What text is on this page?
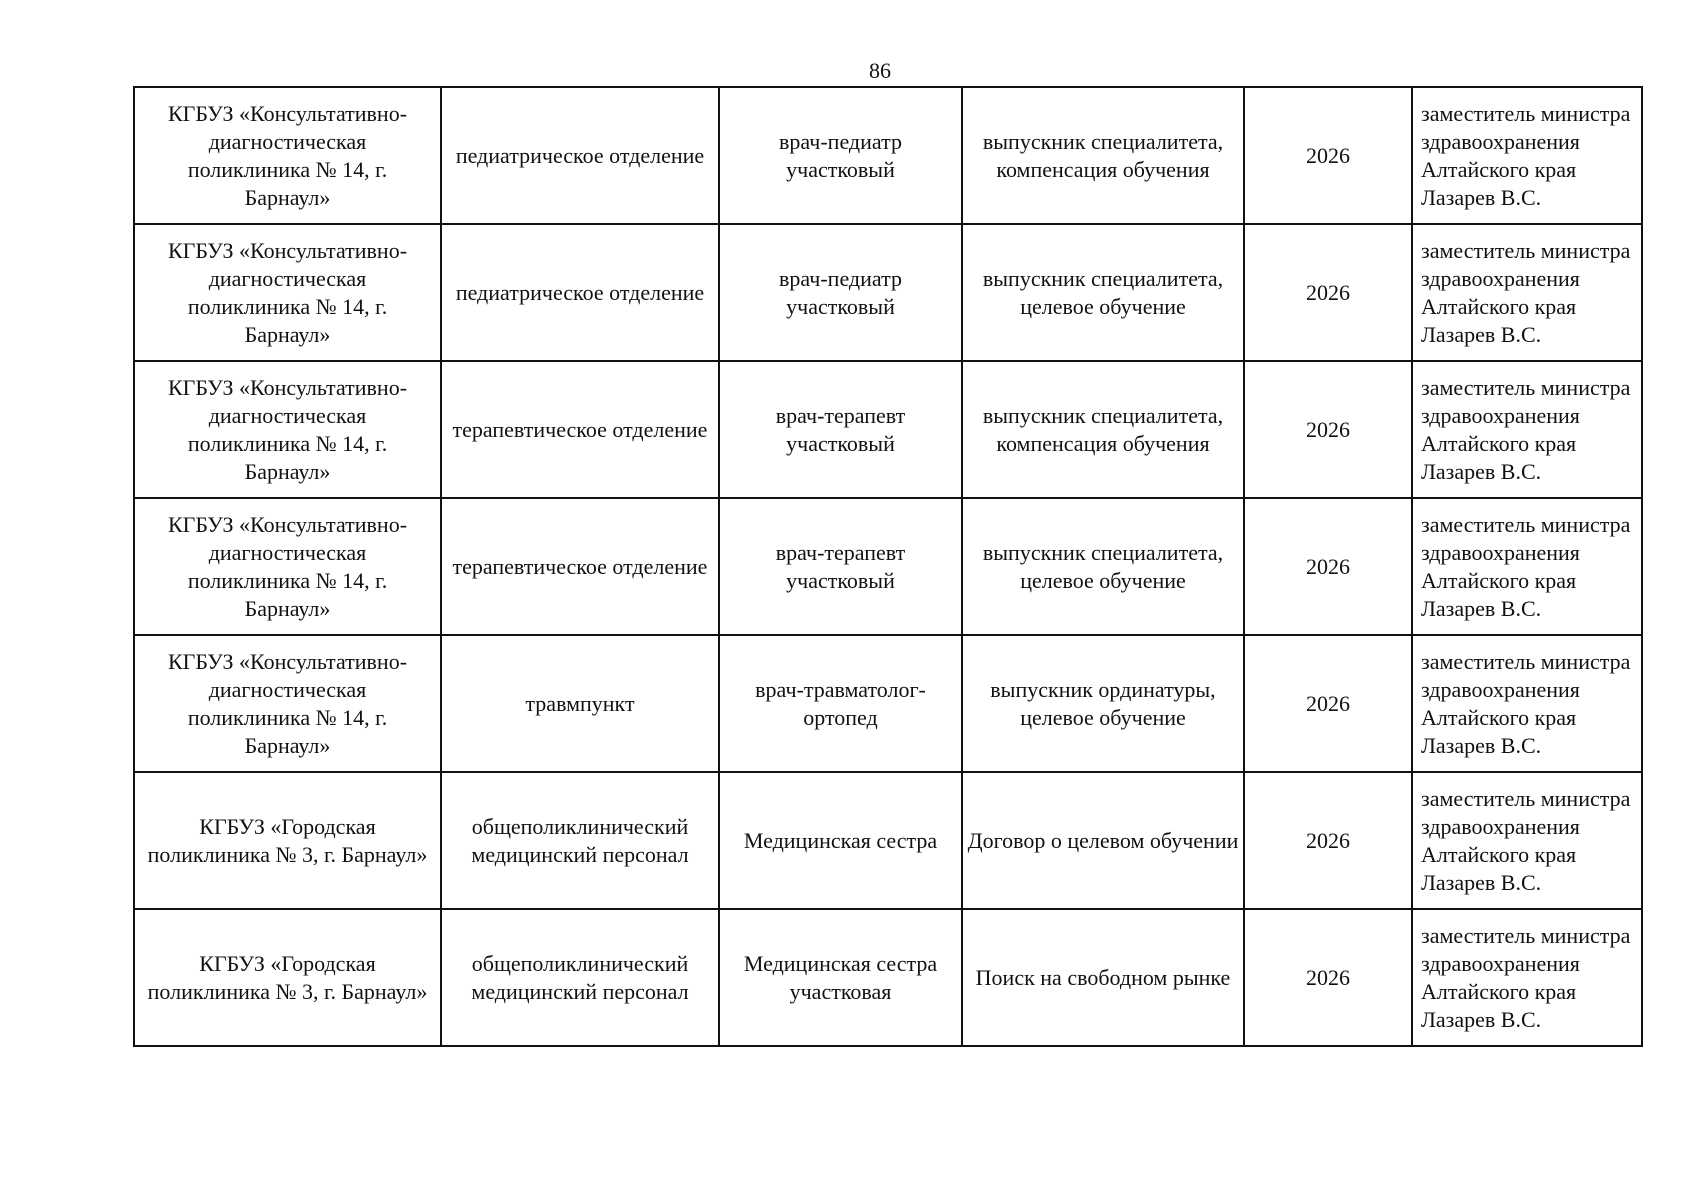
86
КГБУЗ «Консультативно-диагностическая поликлиника № 14, г. Барнаул»	педиатрическое отделение	врач-педиатр участковый	выпускник специалитета, компенсация обучения	2026	заместитель министра здравоохранения Алтайского края Лазарев В.С.
КГБУЗ «Консультативно-диагностическая поликлиника № 14, г. Барнаул»	педиатрическое отделение	врач-педиатр участковый	выпускник специалитета, целевое обучение	2026	заместитель министра здравоохранения Алтайского края Лазарев В.С.
КГБУЗ «Консультативно-диагностическая поликлиника № 14, г. Барнаул»	терапевтическое отделение	врач-терапевт участковый	выпускник специалитета, компенсация обучения	2026	заместитель министра здравоохранения Алтайского края Лазарев В.С.
КГБУЗ «Консультативно-диагностическая поликлиника № 14, г. Барнаул»	терапевтическое отделение	врач-терапевт участковый	выпускник специалитета, целевое обучение	2026	заместитель министра здравоохранения Алтайского края Лазарев В.С.
КГБУЗ «Консультативно-диагностическая поликлиника № 14, г. Барнаул»	травмпункт	врач-травматолог-ортопед	выпускник ординатуры, целевое обучение	2026	заместитель министра здравоохранения Алтайского края Лазарев В.С.
КГБУЗ «Городская поликлиника № 3, г. Барнаул»	общеполиклинический медицинский персонал	Медицинская сестра	Договор о целевом обучении	2026	заместитель министра здравоохранения Алтайского края Лазарев В.С.
КГБУЗ «Городская поликлиника № 3, г. Барнаул»	общеполиклинический медицинский персонал	Медицинская сестра участковая	Поиск на свободном рынке	2026	заместитель министра здравоохранения Алтайского края Лазарев В.С.
